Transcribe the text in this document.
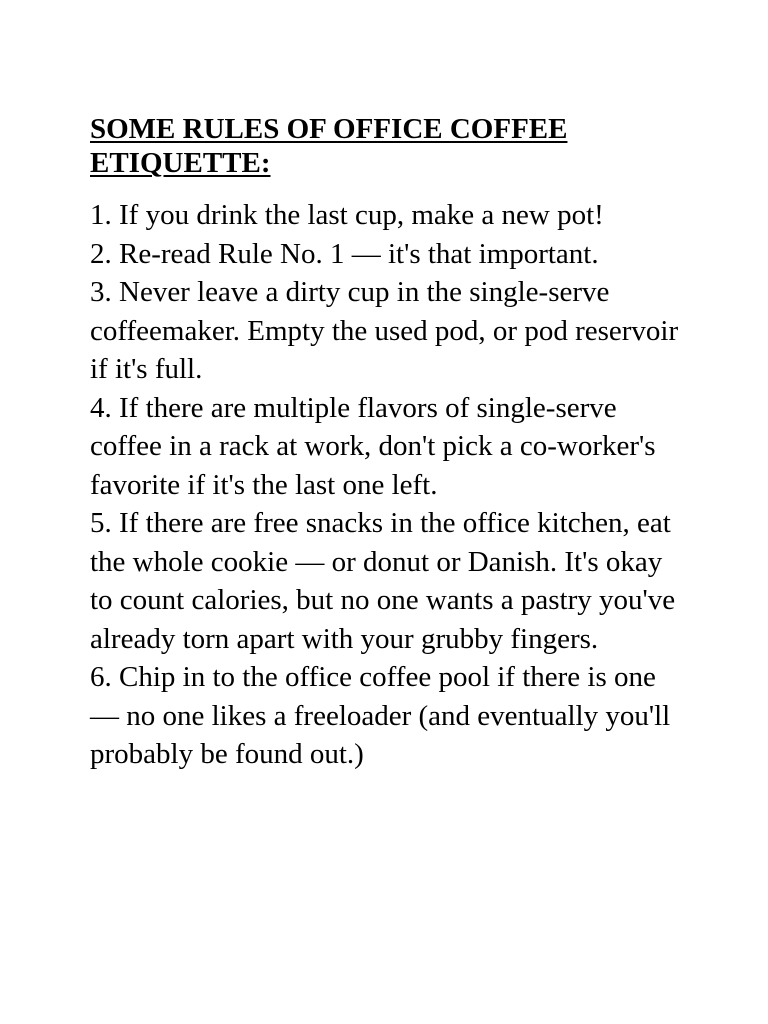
SOME RULES OF OFFICE COFFEE ETIQUETTE:

1. If you drink the last cup, make a new pot!

2. Re-read Rule No. 1 — it's that important.

3. Never leave a dirty cup in the single-serve coffeemaker. Empty the used pod, or pod reservoir if it's full.

4. If there are multiple flavors of single-serve coffee in a rack at work, don't pick a co-worker's favorite if it's the last one left.

5. If there are free snacks in the office kitchen, eat the whole cookie — or donut or Danish. It's okay to count calories, but no one wants a pastry you've already torn apart with your grubby fingers.

6. Chip in to the office coffee pool if there is one — no one likes a freeloader (and eventually you'll probably be found out.)
